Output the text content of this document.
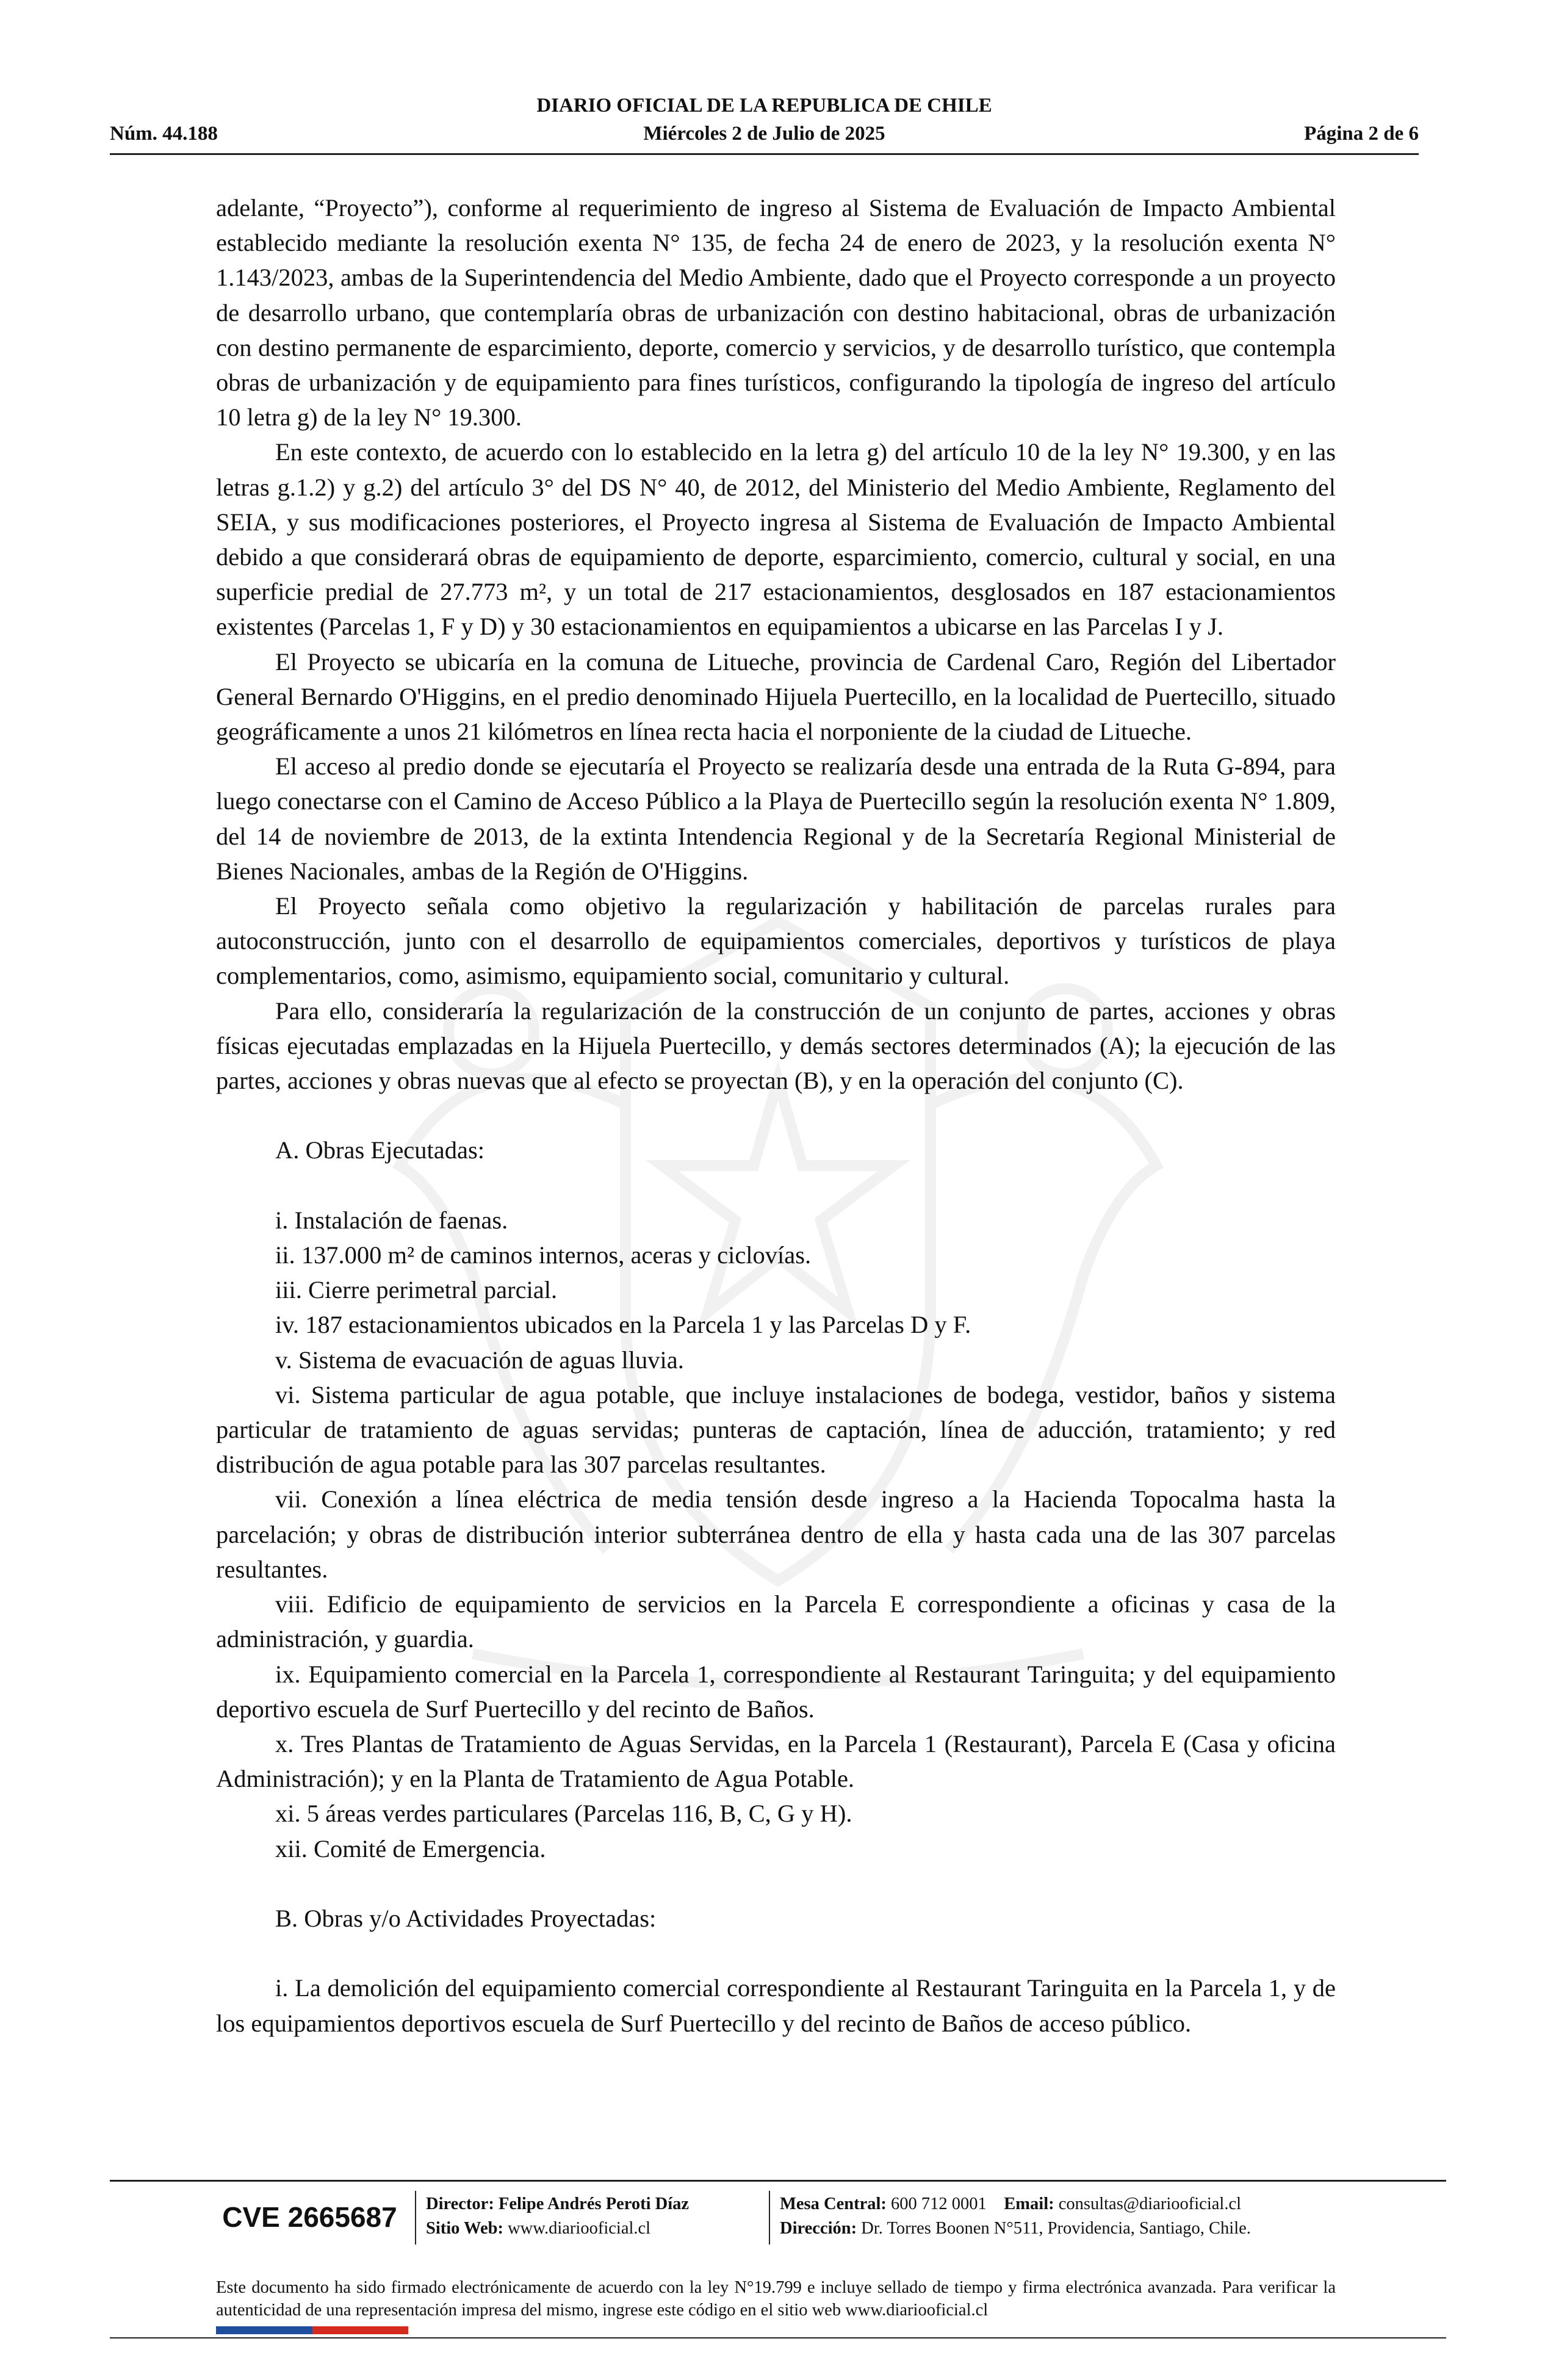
DIARIO OFICIAL DE LA REPUBLICA DE CHILE
Miércoles 2 de Julio de 2025
Núm. 44.188	Página 2 de 6

adelante, “Proyecto”), conforme al requerimiento de ingreso al Sistema de Evaluación de Impacto Ambiental establecido mediante la resolución exenta N° 135, de fecha 24 de enero de 2023, y la resolución exenta N° 1.143/2023, ambas de la Superintendencia del Medio Ambiente, dado que el Proyecto corresponde a un proyecto de desarrollo urbano, que contemplaría obras de urbanización con destino habitacional, obras de urbanización con destino permanente de esparcimiento, deporte, comercio y servicios, y de desarrollo turístico, que contempla obras de urbanización y de equipamiento para fines turísticos, configurando la tipología de ingreso del artículo 10 letra g) de la ley N° 19.300.

En este contexto, de acuerdo con lo establecido en la letra g) del artículo 10 de la ley N° 19.300, y en las letras g.1.2) y g.2) del artículo 3° del DS N° 40, de 2012, del Ministerio del Medio Ambiente, Reglamento del SEIA, y sus modificaciones posteriores, el Proyecto ingresa al Sistema de Evaluación de Impacto Ambiental debido a que considerará obras de equipamiento de deporte, esparcimiento, comercio, cultural y social, en una superficie predial de 27.773 m², y un total de 217 estacionamientos, desglosados en 187 estacionamientos existentes (Parcelas 1, F y D) y 30 estacionamientos en equipamientos a ubicarse en las Parcelas I y J.

El Proyecto se ubicaría en la comuna de Litueche, provincia de Cardenal Caro, Región del Libertador General Bernardo O'Higgins, en el predio denominado Hijuela Puertecillo, en la localidad de Puertecillo, situado geográficamente a unos 21 kilómetros en línea recta hacia el norponiente de la ciudad de Litueche.

El acceso al predio donde se ejecutaría el Proyecto se realizaría desde una entrada de la Ruta G-894, para luego conectarse con el Camino de Acceso Público a la Playa de Puertecillo según la resolución exenta N° 1.809, del 14 de noviembre de 2013, de la extinta Intendencia Regional y de la Secretaría Regional Ministerial de Bienes Nacionales, ambas de la Región de O'Higgins.

El Proyecto señala como objetivo la regularización y habilitación de parcelas rurales para autoconstrucción, junto con el desarrollo de equipamientos comerciales, deportivos y turísticos de playa complementarios, como, asimismo, equipamiento social, comunitario y cultural.

Para ello, consideraría la regularización de la construcción de un conjunto de partes, acciones y obras físicas ejecutadas emplazadas en la Hijuela Puertecillo, y demás sectores determinados (A); la ejecución de las partes, acciones y obras nuevas que al efecto se proyectan (B), y en la operación del conjunto (C).

A. Obras Ejecutadas:

i. Instalación de faenas.

ii. 137.000 m² de caminos internos, aceras y ciclovías.

iii. Cierre perimetral parcial.

iv. 187 estacionamientos ubicados en la Parcela 1 y las Parcelas D y F.

v. Sistema de evacuación de aguas lluvia.

vi. Sistema particular de agua potable, que incluye instalaciones de bodega, vestidor, baños y sistema particular de tratamiento de aguas servidas; punteras de captación, línea de aducción, tratamiento; y red distribución de agua potable para las 307 parcelas resultantes.

vii. Conexión a línea eléctrica de media tensión desde ingreso a la Hacienda Topocalma hasta la parcelación; y obras de distribución interior subterránea dentro de ella y hasta cada una de las 307 parcelas resultantes.

viii. Edificio de equipamiento de servicios en la Parcela E correspondiente a oficinas y casa de la administración, y guardia.

ix. Equipamiento comercial en la Parcela 1, correspondiente al Restaurant Taringuita; y del equipamiento deportivo escuela de Surf Puertecillo y del recinto de Baños.

x. Tres Plantas de Tratamiento de Aguas Servidas, en la Parcela 1 (Restaurant), Parcela E (Casa y oficina Administración); y en la Planta de Tratamiento de Agua Potable.

xi. 5 áreas verdes particulares (Parcelas 116, B, C, G y H).

xii. Comité de Emergencia.

B. Obras y/o Actividades Proyectadas:

i. La demolición del equipamiento comercial correspondiente al Restaurant Taringuita en la Parcela 1, y de los equipamientos deportivos escuela de Surf Puertecillo y del recinto de Baños de acceso público.

CVE 2665687	Director: Felipe Andrés Peroti Díaz
Sitio Web: www.diariooficial.cl
Mesa Central: 600 712 0001 Email: consultas@diariooficial.cl
Dirección: Dr. Torres Boonen N°511, Providencia, Santiago, Chile.
Este documento ha sido firmado electrónicamente de acuerdo con la ley N°19.799 e incluye sellado de tiempo y firma electrónica avanzada. Para verificar la autenticidad de una representación impresa del mismo, ingrese este código en el sitio web www.diariooficial.cl
